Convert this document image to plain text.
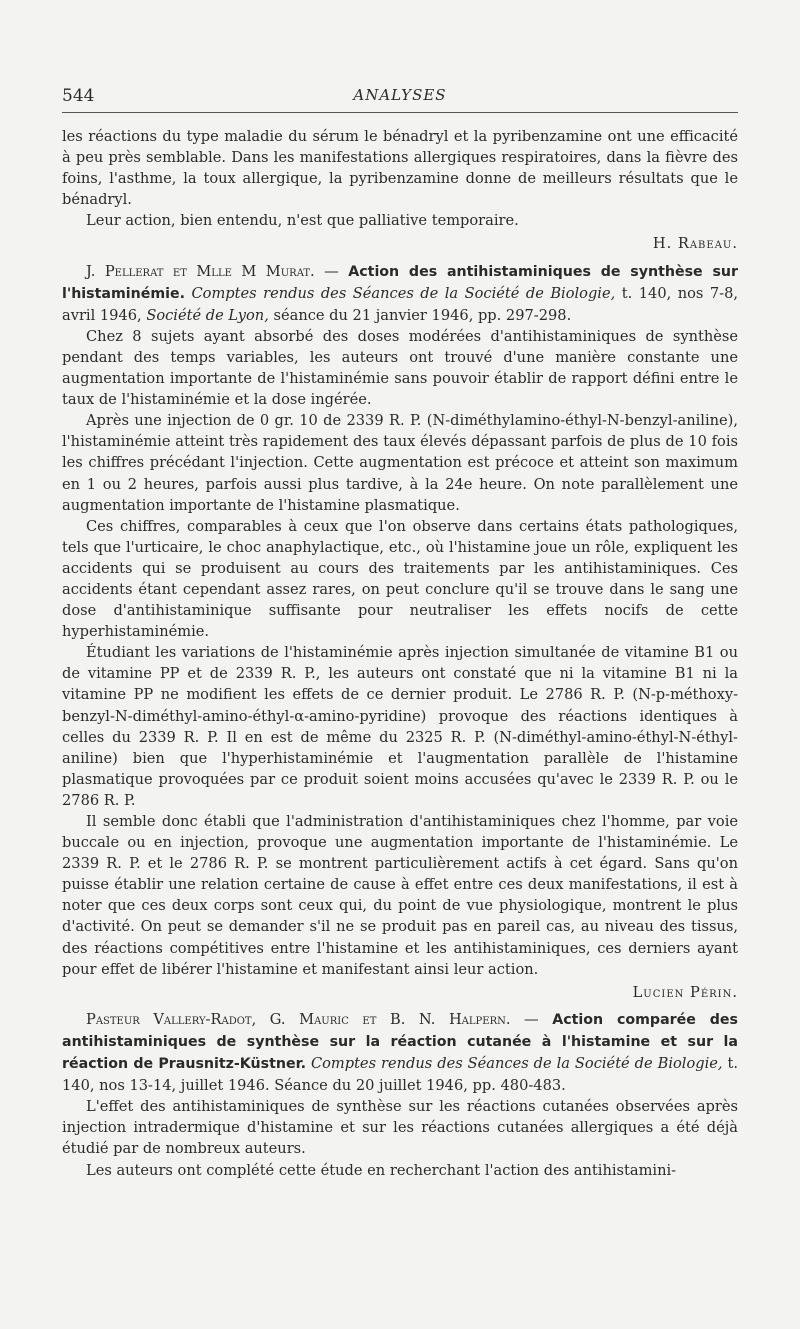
544	ANALYSES

les réactions du type maladie du sérum le bénadryl et la pyribenzamine ont une efficacité à peu près semblable. Dans les manifestations allergiques respiratoires, dans la fièvre des foins, l'asthme, la toux allergique, la pyribenzamine donne de meilleurs résultats que le bénadryl.

Leur action, bien entendu, n'est que palliative temporaire.

H. Rabeau.

J. Pellerat et Mlle M Murat. — Action des antihistaminiques de synthèse sur l'histaminémie. Comptes rendus des Séances de la Société de Biologie, t. 140, nos 7-8, avril 1946, Société de Lyon, séance du 21 janvier 1946, pp. 297-298.

Chez 8 sujets ayant absorbé des doses modérées d'antihistaminiques de synthèse pendant des temps variables, les auteurs ont trouvé d'une manière constante une augmentation importante de l'histaminémie sans pouvoir établir de rapport défini entre le taux de l'histaminémie et la dose ingérée.

Après une injection de 0 gr. 10 de 2339 R. P. (N-diméthylamino-éthyl-N-benzyl-aniline), l'histaminémie atteint très rapidement des taux élevés dépassant parfois de plus de 10 fois les chiffres précédant l'injection. Cette augmentation est précoce et atteint son maximum en 1 ou 2 heures, parfois aussi plus tardive, à la 24e heure. On note parallèlement une augmentation importante de l'histamine plasmatique.

Ces chiffres, comparables à ceux que l'on observe dans certains états pathologiques, tels que l'urticaire, le choc anaphylactique, etc., où l'histamine joue un rôle, expliquent les accidents qui se produisent au cours des traitements par les antihistaminiques. Ces accidents étant cependant assez rares, on peut conclure qu'il se trouve dans le sang une dose d'antihistaminique suffisante pour neutraliser les effets nocifs de cette hyperhistaminémie.

Étudiant les variations de l'histaminémie après injection simultanée de vitamine B1 ou de vitamine PP et de 2339 R. P., les auteurs ont constaté que ni la vitamine B1 ni la vitamine PP ne modifient les effets de ce dernier produit. Le 2786 R. P. (N-p-méthoxy-benzyl-N-diméthyl-amino-éthyl-α-amino-pyridine) provoque des réactions identiques à celles du 2339 R. P. Il en est de même du 2325 R. P. (N-diméthyl-amino-éthyl-N-éthyl-aniline) bien que l'hyperhistaminémie et l'augmentation parallèle de l'histamine plasmatique provoquées par ce produit soient moins accusées qu'avec le 2339 R. P. ou le 2786 R. P.

Il semble donc établi que l'administration d'antihistaminiques chez l'homme, par voie buccale ou en injection, provoque une augmentation importante de l'histaminémie. Le 2339 R. P. et le 2786 R. P. se montrent particulièrement actifs à cet égard. Sans qu'on puisse établir une relation certaine de cause à effet entre ces deux manifestations, il est à noter que ces deux corps sont ceux qui, du point de vue physiologique, montrent le plus d'activité. On peut se demander s'il ne se produit pas en pareil cas, au niveau des tissus, des réactions compétitives entre l'histamine et les antihistaminiques, ces derniers ayant pour effet de libérer l'histamine et manifestant ainsi leur action.

Lucien Périn.

Pasteur Vallery-Radot, G. Mauric et B. N. Halpern. — Action comparée des antihistaminiques de synthèse sur la réaction cutanée à l'histamine et sur la réaction de Prausnitz-Küstner. Comptes rendus des Séances de la Société de Biologie, t. 140, nos 13-14, juillet 1946. Séance du 20 juillet 1946, pp. 480-483.

L'effet des antihistaminiques de synthèse sur les réactions cutanées observées après injection intradermique d'histamine et sur les réactions cutanées allergiques a été déjà étudié par de nombreux auteurs.

Les auteurs ont complété cette étude en recherchant l'action des antihistamini-
